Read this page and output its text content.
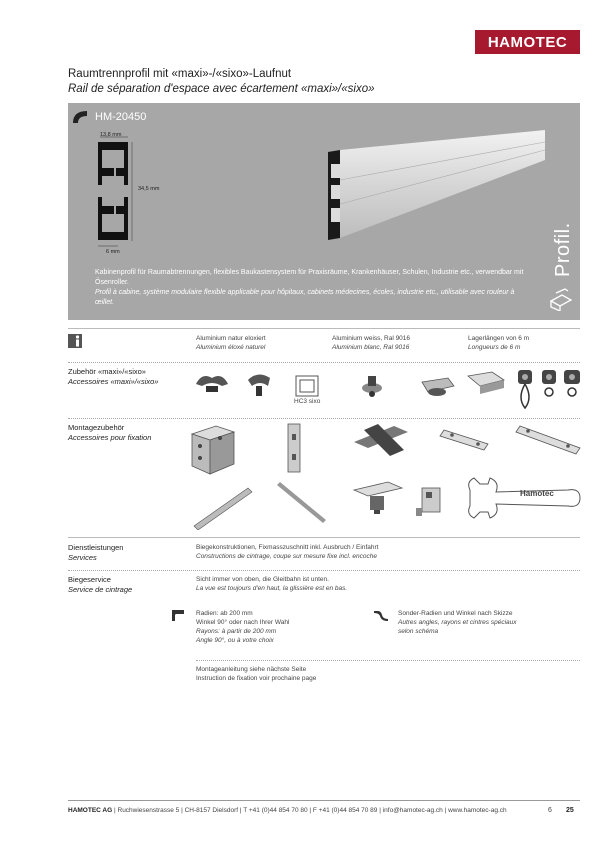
HAMOTEC
Raumtrennprofil mit «maxi»-/«sixo»-Laufnut
Rail de séparation d'espace avec écartement «maxi»/«sixo»
HM-20450
13,8 mm
34,5 mm
6 mm
Kabinenprofil für Raumabtrennungen, flexibles Baukastensystem für Praxisräume, Krankenhäuser, Schulen, Industrie etc., verwendbar mit Ösenroller.
Profil à cabine, système modulaire flexible applicable pour hôpitaux, cabinets médecines, écoles, industrie etc., utilisable avec rouleur à œillet.
Profil.
Aluminium natur eloxiert
Aluminium éloxé naturel
Aluminium weiss, Ral 9016
Aluminium blanc, Ral 9016
Lagerlängen von 6 m
Longueurs de 6 m
Zubehör «maxi»/«sixo»
Accessoires «maxi»/«sixo»
HC3 sixo
Montagezubehör
Accessoires pour fixation
Hamotec
Dienstleistungen
Services
Biegekonstruktionen, Fixmasszuschnitt inkl. Ausbruch / Einfahrt
Constructions de cintrage, coupe sur mesure fixe incl. encoche
Biegeservice
Service de cintrage
Sicht immer von oben, die Gleitbahn ist unten.
La vue est toujours d'en haut, la glissière est en bas.
Radien: ab 200 mm
Winkel 90° oder nach Ihrer Wahl
Rayons: à partir de 200 mm
Angle 90°, ou à votre choix
Sonder-Radien und Winkel nach Skizze
Autres angles, rayons et cintres spéciaux
selon schéma
Montageanleitung siehe nächste Seite
Instruction de fixation voir prochaine page
HAMOTEC AG | Ruchwiesenstrasse 5 | CH-8157 Dielsdorf | T +41 (0)44 854 70 80 | F +41 (0)44 854 70 89 | info@hamotec-ag.ch | www.hamotec-ag.ch	6 25
